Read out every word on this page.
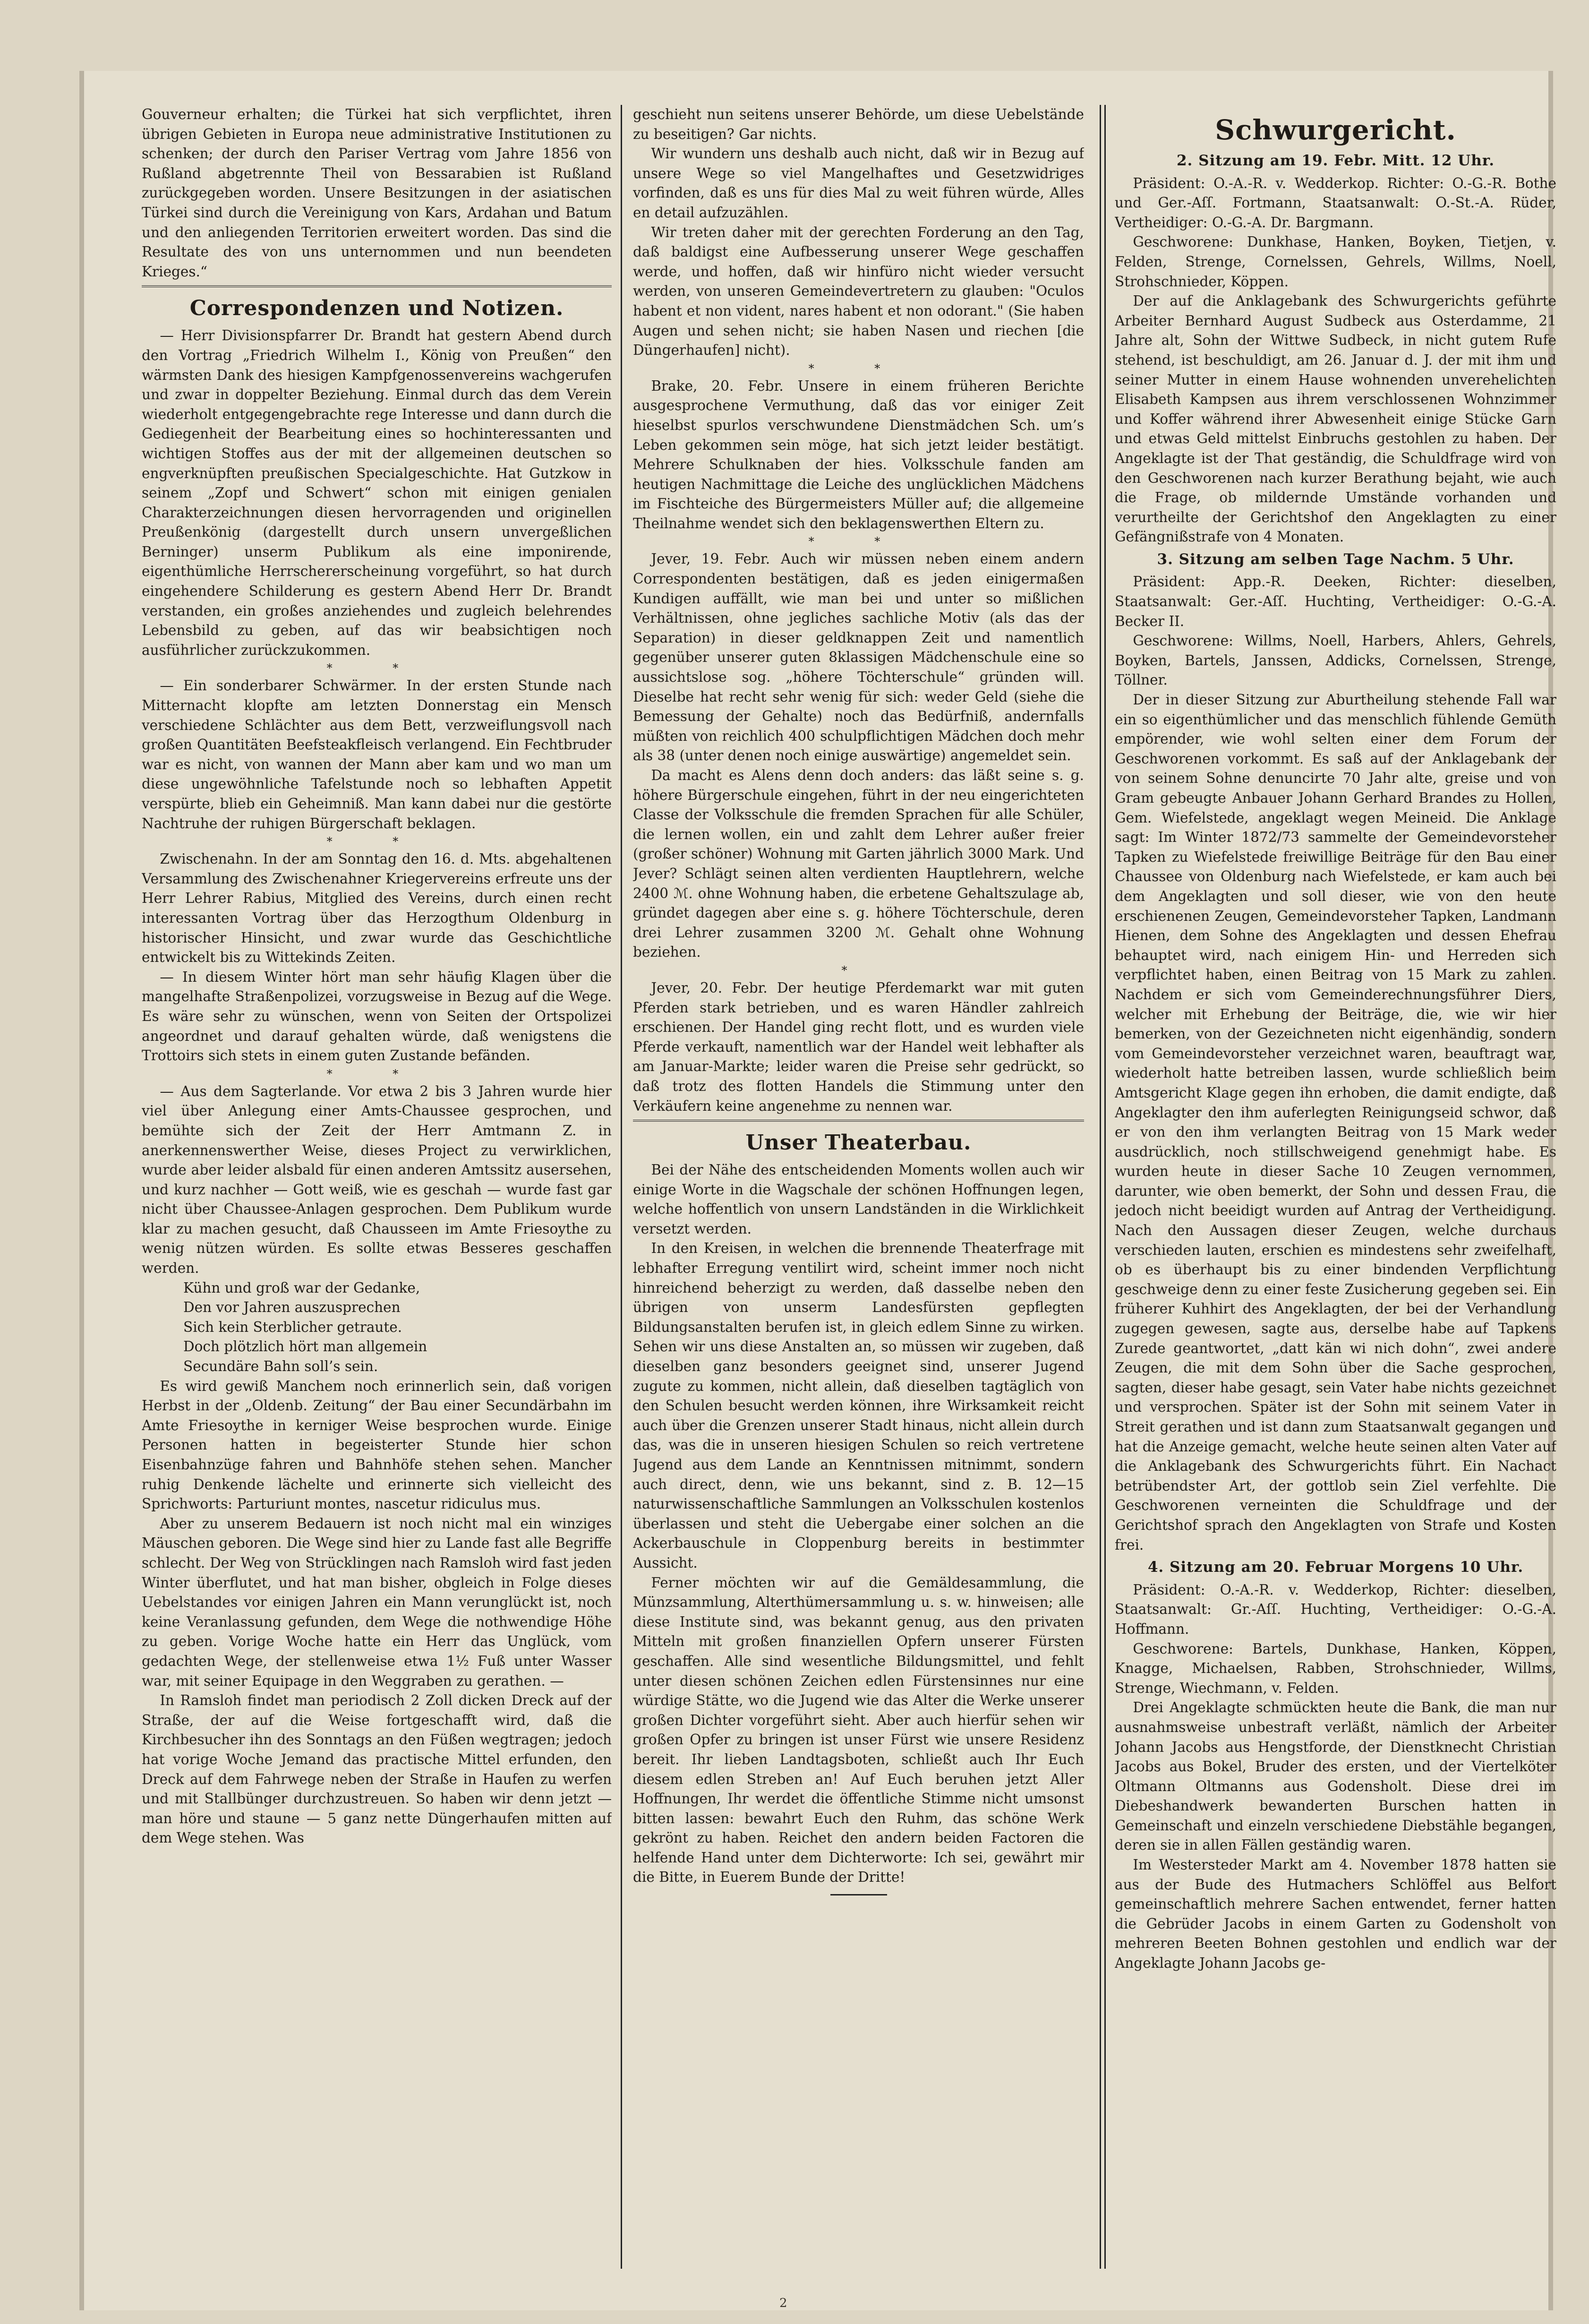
Gouverneur erhalten; die Türkei hat sich verpflichtet, ihren übrigen Gebieten in Europa neue administrative Institutionen zu schenken; der durch den Pariser Vertrag vom Jahre 1856 von Rußland abgetrennte Theil von Bessarabien ist Rußland zurückgegeben worden. Unsere Besitzungen in der asiatischen Türkei sind durch die Vereinigung von Kars, Ardahan und Batum und den anliegenden Territorien erweitert worden. Das sind die Resultate des von uns unternommen und nun beendeten Krieges.“

Correspondenzen und Notizen.

— Herr Divisionspfarrer Dr. Brandt hat gestern Abend durch den Vortrag „Friedrich Wilhelm I., König von Preußen“ den wärmsten Dank des hiesigen Kampfgenossenvereins wachgerufen und zwar in doppelter Beziehung. Einmal durch das dem Verein wiederholt entgegengebrachte rege Interesse und dann durch die Gediegenheit der Bearbeitung eines so hochinteressanten und wichtigen Stoffes aus der mit der allgemeinen deutschen so engverknüpften preußischen Specialgeschichte. Hat Gutzkow in seinem „Zopf und Schwert“ schon mit einigen genialen Charakterzeichnungen diesen hervorragenden und originellen Preußenkönig (dargestellt durch unsern unvergeßlichen Berninger) unserm Publikum als eine imponirende, eigenthümliche Herrschererscheinung vorgeführt, so hat durch eingehendere Schilderung es gestern Abend Herr Dr. Brandt verstanden, ein großes anziehendes und zugleich belehrendes Lebensbild zu geben, auf das wir beabsichtigen noch ausführlicher zurückzukommen.

* *

— Ein sonderbarer Schwärmer. In der ersten Stunde nach Mitternacht klopfte am letzten Donnerstag ein Mensch verschiedene Schlächter aus dem Bett, verzweiflungsvoll nach großen Quantitäten Beefsteakfleisch verlangend. Ein Fechtbruder war es nicht, von wannen der Mann aber kam und wo man um diese ungewöhnliche Tafelstunde noch so lebhaften Appetit verspürte, blieb ein Geheimniß. Man kann dabei nur die gestörte Nachtruhe der ruhigen Bürgerschaft beklagen.

* *

Zwischenahn. In der am Sonntag den 16. d. Mts. abgehaltenen Versammlung des Zwischenahner Kriegervereins erfreute uns der Herr Lehrer Rabius, Mitglied des Vereins, durch einen recht interessanten Vortrag über das Herzogthum Oldenburg in historischer Hinsicht, und zwar wurde das Geschichtliche entwickelt bis zu Wittekinds Zeiten.

— In diesem Winter hört man sehr häufig Klagen über die mangelhafte Straßenpolizei, vorzugsweise in Bezug auf die Wege. Es wäre sehr zu wünschen, wenn von Seiten der Ortspolizei angeordnet und darauf gehalten würde, daß wenigstens die Trottoirs sich stets in einem guten Zustande befänden.

* *

— Aus dem Sagterlande. Vor etwa 2 bis 3 Jahren wurde hier viel über Anlegung einer Amts-Chaussee gesprochen, und bemühte sich der Zeit der Herr Amtmann Z. in anerkennenswerther Weise, dieses Project zu verwirklichen, wurde aber leider alsbald für einen anderen Amtssitz ausersehen, und kurz nachher — Gott weiß, wie es geschah — wurde fast gar nicht über Chaussee-Anlagen gesprochen. Dem Publikum wurde klar zu machen gesucht, daß Chausseen im Amte Friesoythe zu wenig nützen würden. Es sollte etwas Besseres geschaffen werden.

Kühn und groß war der Gedanke,
Den vor Jahren auszusprechen
Sich kein Sterblicher getraute.
Doch plötzlich hört man allgemein
Secundäre Bahn soll’s sein.

Es wird gewiß Manchem noch erinnerlich sein, daß vorigen Herbst in der „Oldenb. Zeitung“ der Bau einer Secundärbahn im Amte Friesoythe in kerniger Weise besprochen wurde. Einige Personen hatten in begeisterter Stunde hier schon Eisenbahnzüge fahren und Bahnhöfe stehen sehen. Mancher ruhig Denkende lächelte und erinnerte sich vielleicht des Sprichworts: Parturiunt montes, nascetur ridiculus mus.

Aber zu unserem Bedauern ist noch nicht mal ein winziges Mäuschen geboren. Die Wege sind hier zu Lande fast alle Begriffe schlecht. Der Weg von Strücklingen nach Ramsloh wird fast jeden Winter überflutet, und hat man bisher, obgleich in Folge dieses Uebelstandes vor einigen Jahren ein Mann verunglückt ist, noch keine Veranlassung gefunden, dem Wege die nothwendige Höhe zu geben. Vorige Woche hatte ein Herr das Unglück, vom gedachten Wege, der stellenweise etwa 1½ Fuß unter Wasser war, mit seiner Equipage in den Weggraben zu gerathen. —

In Ramsloh findet man periodisch 2 Zoll dicken Dreck auf der Straße, der auf die Weise fortgeschafft wird, daß die Kirchbesucher ihn des Sonntags an den Füßen wegtragen; jedoch hat vorige Woche Jemand das practische Mittel erfunden, den Dreck auf dem Fahrwege neben der Straße in Haufen zu werfen und mit Stallbünger durchzustreuen. So haben wir denn jetzt — man höre und staune — 5 ganz nette Düngerhaufen mitten auf dem Wege stehen. Was

geschieht nun seitens unserer Behörde, um diese Uebelstände zu beseitigen? Gar nichts.

Wir wundern uns deshalb auch nicht, daß wir in Bezug auf unsere Wege so viel Mangelhaftes und Gesetzwidriges vorfinden, daß es uns für dies Mal zu weit führen würde, Alles en detail aufzuzählen.

Wir treten daher mit der gerechten Forderung an den Tag, daß baldigst eine Aufbesserung unserer Wege geschaffen werde, und hoffen, daß wir hinfüro nicht wieder versucht werden, von unseren Gemeindevertretern zu glauben: "Oculos habent et non vident, nares habent et non odorant." (Sie haben Augen und sehen nicht; sie haben Nasen und riechen [die Düngerhaufen] nicht).

* *

Brake, 20. Febr. Unsere in einem früheren Berichte ausgesprochene Vermuthung, daß das vor einiger Zeit hieselbst spurlos verschwundene Dienstmädchen Sch. um’s Leben gekommen sein möge, hat sich jetzt leider bestätigt. Mehrere Schulknaben der hies. Volksschule fanden am heutigen Nachmittage die Leiche des unglücklichen Mädchens im Fischteiche des Bürgermeisters Müller auf; die allgemeine Theilnahme wendet sich den beklagenswerthen Eltern zu.

* *

Jever, 19. Febr. Auch wir müssen neben einem andern Correspondenten bestätigen, daß es jeden einigermaßen Kundigen auffällt, wie man bei und unter so mißlichen Verhältnissen, ohne jegliches sachliche Motiv (als das der Separation) in dieser geldknappen Zeit und namentlich gegenüber unserer guten 8klassigen Mädchenschule eine so aussichtslose sog. „höhere Töchterschule“ gründen will. Dieselbe hat recht sehr wenig für sich: weder Geld (siehe die Bemessung der Gehalte) noch das Bedürfniß, andernfalls müßten von reichlich 400 schulpflichtigen Mädchen doch mehr als 38 (unter denen noch einige auswärtige) angemeldet sein.

Da macht es Alens denn doch anders: das läßt seine s. g. höhere Bürgerschule eingehen, führt in der neu eingerichteten Classe der Volksschule die fremden Sprachen für alle Schüler, die lernen wollen, ein und zahlt dem Lehrer außer freier (großer schöner) Wohnung mit Garten jährlich 3000 Mark. Und Jever? Schlägt seinen alten verdienten Hauptlehrern, welche 2400 ℳ. ohne Wohnung haben, die erbetene Gehaltszulage ab, gründet dagegen aber eine s. g. höhere Töchterschule, deren drei Lehrer zusammen 3200 ℳ. Gehalt ohne Wohnung beziehen.

*

Jever, 20. Febr. Der heutige Pferdemarkt war mit guten Pferden stark betrieben, und es waren Händler zahlreich erschienen. Der Handel ging recht flott, und es wurden viele Pferde verkauft, namentlich war der Handel weit lebhafter als am Januar-Markte; leider waren die Preise sehr gedrückt, so daß trotz des flotten Handels die Stimmung unter den Verkäufern keine angenehme zu nennen war.

Unser Theaterbau.

Bei der Nähe des entscheidenden Moments wollen auch wir einige Worte in die Wagschale der schönen Hoffnungen legen, welche hoffentlich von unsern Landständen in die Wirklichkeit versetzt werden.

In den Kreisen, in welchen die brennende Theaterfrage mit lebhafter Erregung ventilirt wird, scheint immer noch nicht hinreichend beherzigt zu werden, daß dasselbe neben den übrigen von unserm Landesfürsten gepflegten Bildungsanstalten berufen ist, in gleich edlem Sinne zu wirken. Sehen wir uns diese Anstalten an, so müssen wir zugeben, daß dieselben ganz besonders geeignet sind, unserer Jugend zugute zu kommen, nicht allein, daß dieselben tagtäglich von den Schulen besucht werden können, ihre Wirksamkeit reicht auch über die Grenzen unserer Stadt hinaus, nicht allein durch das, was die in unseren hiesigen Schulen so reich vertretene Jugend aus dem Lande an Kenntnissen mitnimmt, sondern auch direct, denn, wie uns bekannt, sind z. B. 12—15 naturwissenschaftliche Sammlungen an Volksschulen kostenlos überlassen und steht die Uebergabe einer solchen an die Ackerbauschule in Cloppenburg bereits in bestimmter Aussicht.

Ferner möchten wir auf die Gemäldesammlung, die Münzsammlung, Alterthümersammlung u. s. w. hinweisen; alle diese Institute sind, was bekannt genug, aus den privaten Mitteln mit großen finanziellen Opfern unserer Fürsten geschaffen. Alle sind wesentliche Bildungsmittel, und fehlt unter diesen schönen Zeichen edlen Fürstensinnes nur eine würdige Stätte, wo die Jugend wie das Alter die Werke unserer großen Dichter vorgeführt sieht. Aber auch hierfür sehen wir großen Opfer zu bringen ist unser Fürst wie unsere Residenz bereit. Ihr lieben Landtagsboten, schließt auch Ihr Euch diesem edlen Streben an! Auf Euch beruhen jetzt Aller Hoffnungen, Ihr werdet die öffentliche Stimme nicht umsonst bitten lassen: bewahrt Euch den Ruhm, das schöne Werk gekrönt zu haben. Reichet den andern beiden Factoren die helfende Hand unter dem Dichterworte: Ich sei, gewährt mir die Bitte, in Euerem Bunde der Dritte!

Schwurgericht.
2. Sitzung am 19. Febr. Mitt. 12 Uhr.

Präsident: O.-A.-R. v. Wedderkop. Richter: O.-G.-R. Bothe und Ger.-Aſſ. Fortmann, Staatsanwalt: O.-St.-A. Rüder, Vertheidiger: O.-G.-A. Dr. Bargmann.

Geschworene: Dunkhase, Hanken, Boyken, Tietjen, v. Felden, Strenge, Cornelssen, Gehrels, Willms, Noell, Strohschnieder, Köppen.

Der auf die Anklagebank des Schwurgerichts geführte Arbeiter Bernhard August Sudbeck aus Osterdamme, 21 Jahre alt, Sohn der Wittwe Sudbeck, in nicht gutem Rufe stehend, ist beschuldigt, am 26. Januar d. J. der mit ihm und seiner Mutter in einem Hause wohnenden unverehelichten Elisabeth Kampsen aus ihrem verschlossenen Wohnzimmer und Koffer während ihrer Abwesenheit einige Stücke Garn und etwas Geld mittelst Einbruchs gestohlen zu haben. Der Angeklagte ist der That geständig, die Schuldfrage wird von den Geschworenen nach kurzer Berathung bejaht, wie auch die Frage, ob mildernde Umstände vorhanden und verurtheilte der Gerichtshof den Angeklagten zu einer Gefängnißstrafe von 4 Monaten.

3. Sitzung am selben Tage Nachm. 5 Uhr.

Präsident: App.-R. Deeken, Richter: dieselben, Staatsanwalt: Ger.-Aſſ. Huchting, Vertheidiger: O.-G.-A. Becker II.

Geschworene: Willms, Noell, Harbers, Ahlers, Gehrels, Boyken, Bartels, Janssen, Addicks, Cornelssen, Strenge, Töllner.

Der in dieser Sitzung zur Aburtheilung stehende Fall war ein so eigenthümlicher und das menschlich fühlende Gemüth empörender, wie wohl selten einer dem Forum der Geschworenen vorkommt. Es saß auf der Anklagebank der von seinem Sohne denuncirte 70 Jahr alte, greise und von Gram gebeugte Anbauer Johann Gerhard Brandes zu Hollen, Gem. Wiefelstede, angeklagt wegen Meineid. Die Anklage sagt: Im Winter 1872/73 sammelte der Gemeindevorsteher Tapken zu Wiefelstede freiwillige Beiträge für den Bau einer Chaussee von Oldenburg nach Wiefelstede, er kam auch bei dem Angeklagten und soll dieser, wie von den heute erschienenen Zeugen, Gemeindevorsteher Tapken, Landmann Hienen, dem Sohne des Angeklagten und dessen Ehefrau behauptet wird, nach einigem Hin- und Herreden sich verpflichtet haben, einen Beitrag von 15 Mark zu zahlen. Nachdem er sich vom Gemeinderechnungsführer Diers, welcher mit Erhebung der Beiträge, die, wie wir hier bemerken, von der Gezeichneten nicht eigenhändig, sondern vom Gemeindevorsteher verzeichnet waren, beauftragt war, wiederholt hatte betreiben lassen, wurde schließlich beim Amtsgericht Klage gegen ihn erhoben, die damit endigte, daß Angeklagter den ihm auferlegten Reinigungseid schwor, daß er von den ihm verlangten Beitrag von 15 Mark weder ausdrücklich, noch stillschweigend genehmigt habe. Es wurden heute in dieser Sache 10 Zeugen vernommen, darunter, wie oben bemerkt, der Sohn und dessen Frau, die jedoch nicht beeidigt wurden auf Antrag der Vertheidigung. Nach den Aussagen dieser Zeugen, welche durchaus verschieden lauten, erschien es mindestens sehr zweifelhaft, ob es überhaupt bis zu einer bindenden Verpflichtung geschweige denn zu einer feste Zusicherung gegeben sei. Ein früherer Kuhhirt des Angeklagten, der bei der Verhandlung zugegen gewesen, sagte aus, derselbe habe auf Tapkens Zurede geantwortet, „datt kän wi nich dohn“, zwei andere Zeugen, die mit dem Sohn über die Sache gesprochen, sagten, dieser habe gesagt, sein Vater habe nichts gezeichnet und versprochen. Später ist der Sohn mit seinem Vater in Streit gerathen und ist dann zum Staatsanwalt gegangen und hat die Anzeige gemacht, welche heute seinen alten Vater auf die Anklagebank des Schwurgerichts führt. Ein Nachact betrübendster Art, der gottlob sein Ziel verfehlte. Die Geschworenen verneinten die Schuldfrage und der Gerichtshof sprach den Angeklagten von Strafe und Kosten frei.

4. Sitzung am 20. Februar Morgens 10 Uhr.

Präsident: O.-A.-R. v. Wedderkop, Richter: dieselben, Staatsanwalt: Gr.-Aſſ. Huchting, Vertheidiger: O.-G.-A. Hoffmann.

Geschworene: Bartels, Dunkhase, Hanken, Köppen, Knagge, Michaelsen, Rabben, Strohschnieder, Willms, Strenge, Wiechmann, v. Felden.

Drei Angeklagte schmückten heute die Bank, die man nur ausnahmsweise unbestraft verläßt, nämlich der Arbeiter Johann Jacobs aus Hengstforde, der Dienstknecht Christian Jacobs aus Bokel, Bruder des ersten, und der Viertelköter Oltmann Oltmanns aus Godensholt. Diese drei im Diebeshandwerk bewanderten Burschen hatten in Gemeinschaft und einzeln verschiedene Diebstähle begangen, deren sie in allen Fällen geständig waren.

Im Westersteder Markt am 4. November 1878 hatten sie aus der Bude des Hutmachers Schlöffel aus Belfort gemeinschaftlich mehrere Sachen entwendet, ferner hatten die Gebrüder Jacobs in einem Garten zu Godensholt von mehreren Beeten Bohnen gestohlen und endlich war der Angeklagte Johann Jacobs ge-

2
